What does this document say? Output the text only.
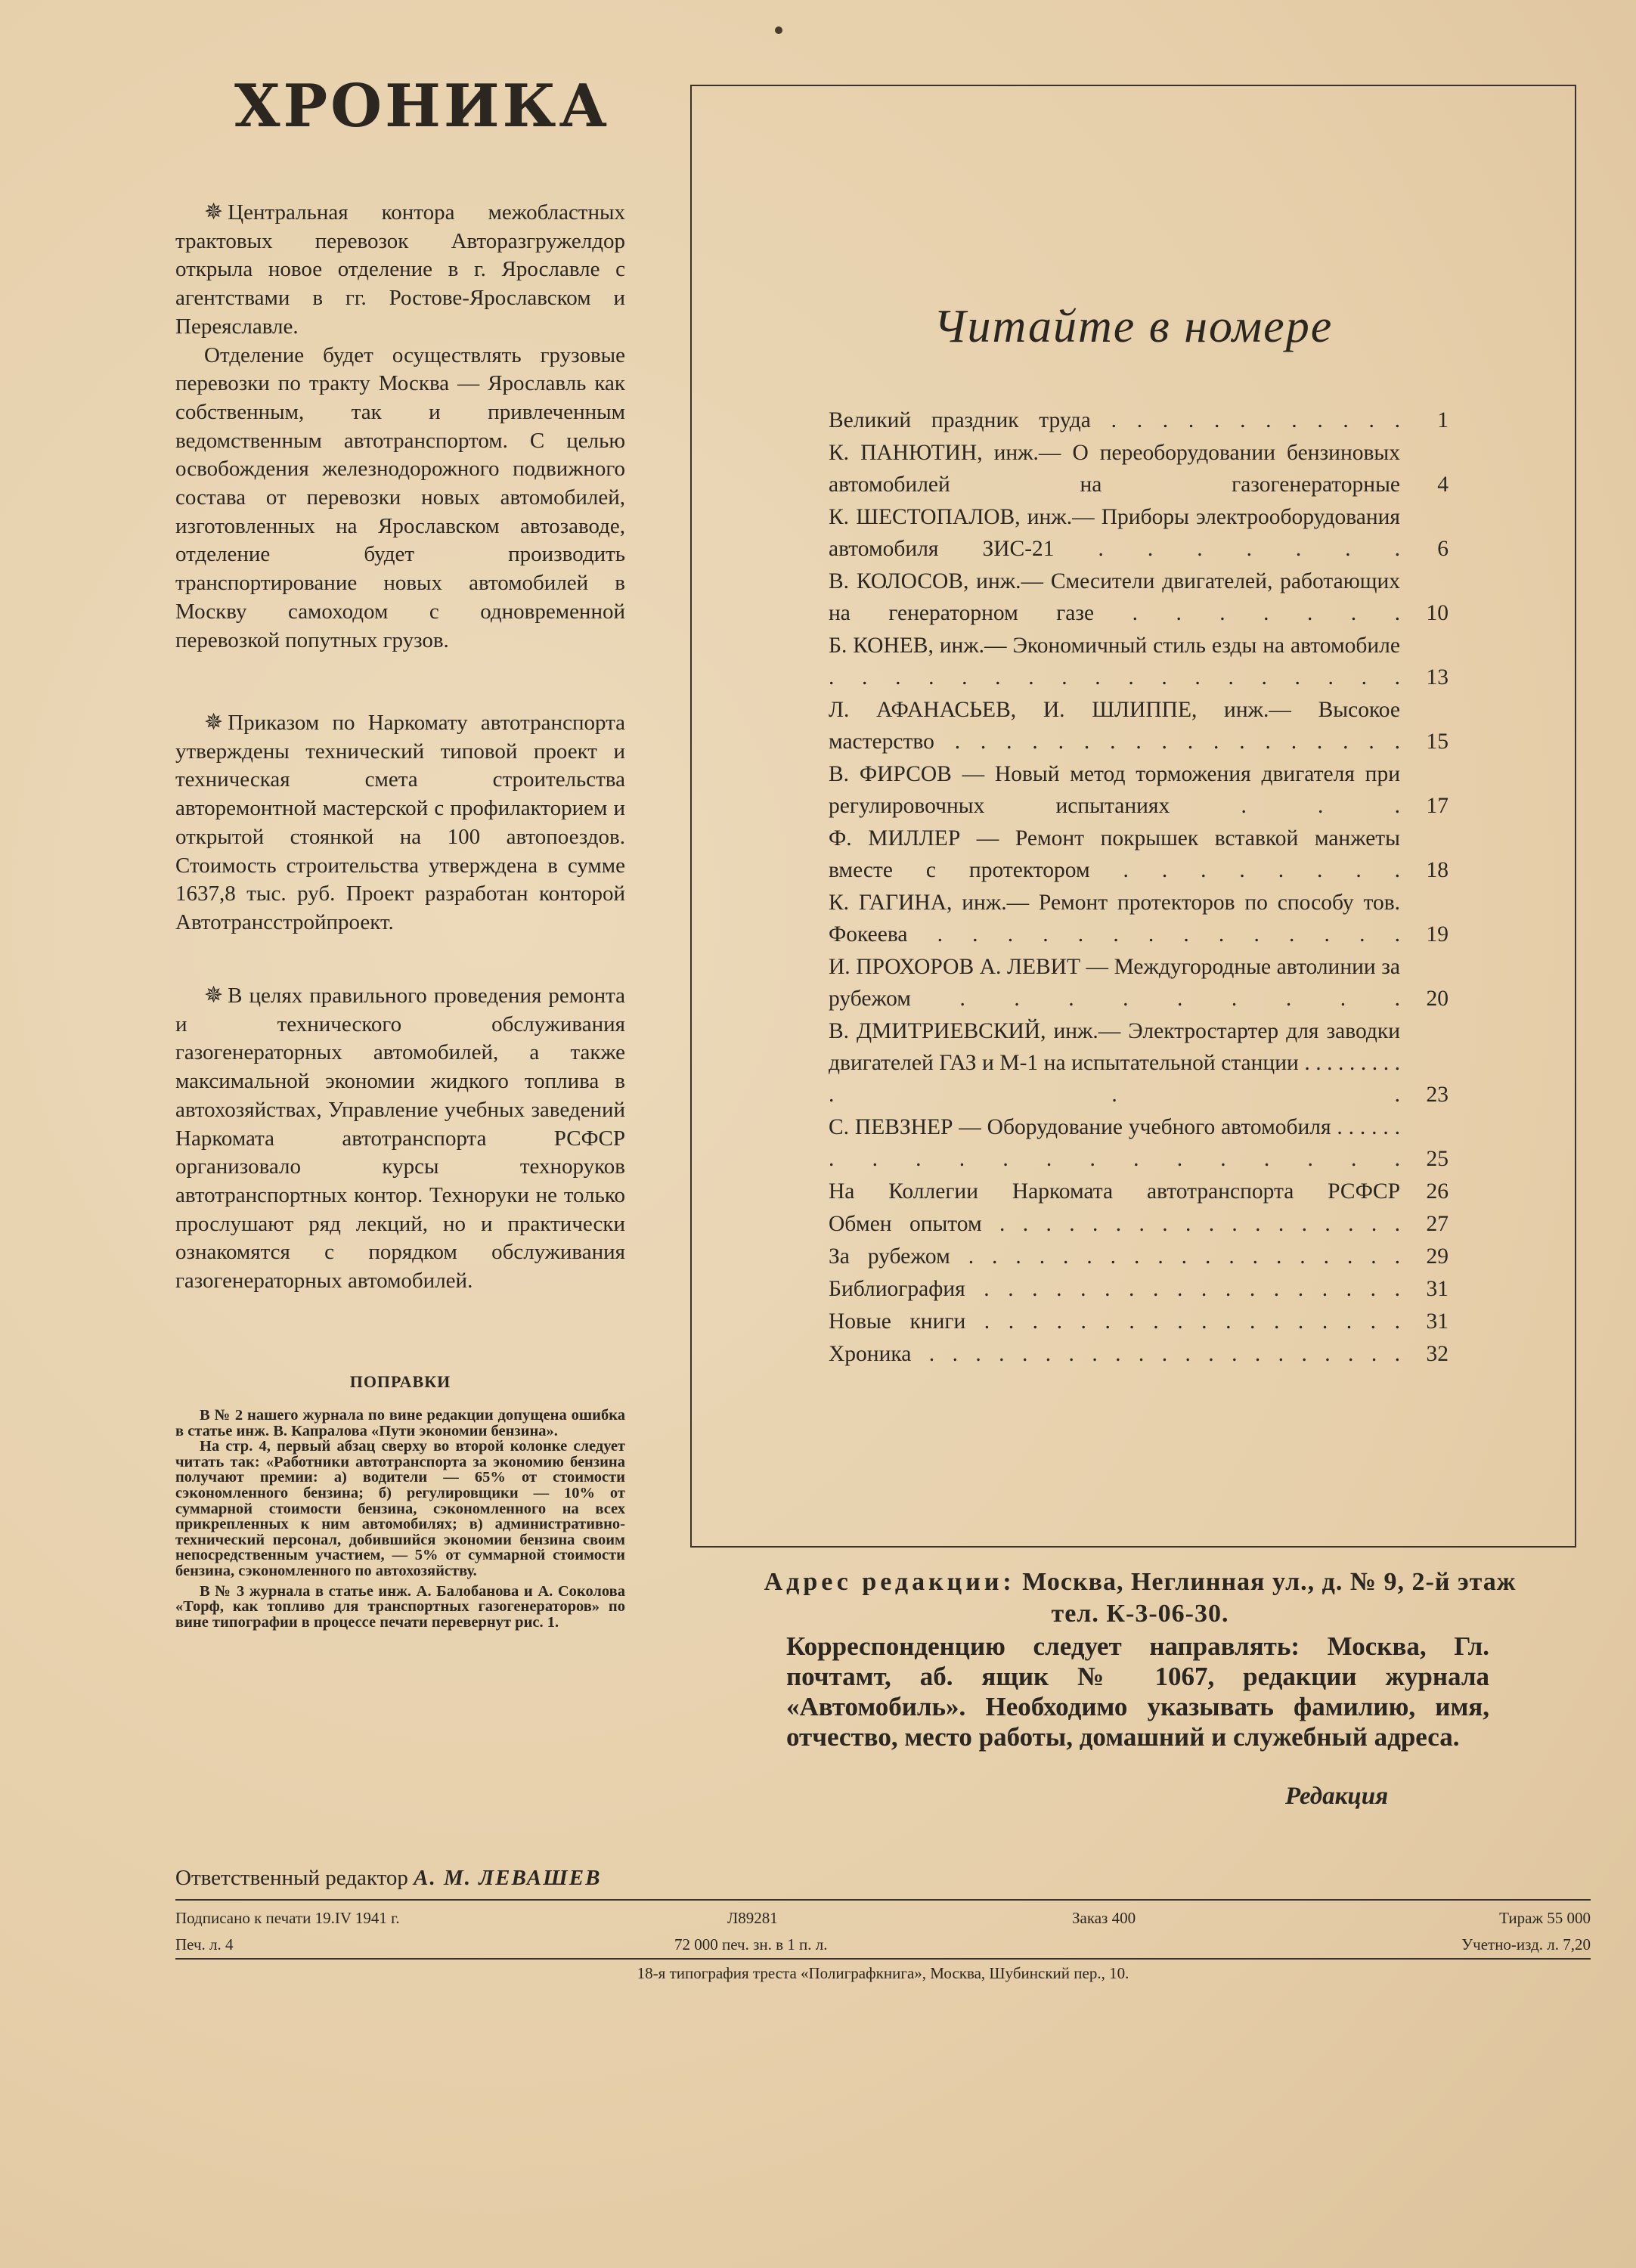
ХРОНИКА

✵ Центральная контора межобластных трактовых перевозок Авторазгружелдор открыла новое отделение в г. Ярославле с агентствами в гг. Ростове-Ярославском и Переяславле.

Отделение будет осуществлять грузовые перевозки по тракту Москва — Ярославль как собственным, так и привлеченным ведомственным автотранспортом. С целью освобождения железнодорожного подвижного состава от перевозки новых автомобилей, изготовленных на Ярославском автозаводе, отделение будет производить транспортирование новых автомобилей в Москву самоходом с одновременной перевозкой попутных грузов.

✵ Приказом по Наркомату автотранспорта утверждены технический типовой проект и техническая смета строительства авторемонтной мастерской с профилакторием и открытой стоянкой на 100 автопоездов. Стоимость строительства утверждена в сумме 1637,8 тыс. руб. Проект разработан конторой Автотрансстройпроект.

✵ В целях правильного проведения ремонта и технического обслуживания газогенераторных автомобилей, а также максимальной экономии жидкого топлива в автохозяйствах, Управление учебных заведений Наркомата автотранспорта РСФСР организовало курсы техноруков автотранспортных контор. Техноруки не только прослушают ряд лекций, но и практически ознакомятся с порядком обслуживания газогенераторных автомобилей.

ПОПРАВКИ

В № 2 нашего журнала по вине редакции допущена ошибка в статье инж. В. Капралова «Пути экономии бензина».

На стр. 4, первый абзац сверху во второй колонке следует читать так: «Работники автотранспорта за экономию бензина получают премии: а) водители — 65% от стоимости сэкономленного бензина; б) регулировщики — 10% от суммарной стоимости бензина, сэкономленного на всех прикрепленных к ним автомобилях; в) административно-технический персонал, добившийся экономии бензина своим непосредственным участием, — 5% от суммарной стоимости бензина, сэкономленного по автохозяйству.

В № 3 журнала в статье инж. А. Балобанова и А. Соколова «Торф, как топливо для транспортных газогенераторов» по вине типографии в процессе печати перевернут рис. 1.

Читайте в номере
Великий праздник труда . . . . . . . . . . . .	1
К. ПАНЮТИН, инж.— О переоборудовании бензиновых автомобилей на газогенераторные	4
К. ШЕСТОПАЛОВ, инж.— Приборы электрооборудования автомобиля ЗИС-21 . . . . . . .	6
В. КОЛОСОВ, инж.— Смесители двигателей, работающих на генераторном газе . . . . . . .	10
Б. КОНЕВ, инж.— Экономичный стиль езды на автомобиле . . . . . . . . . . . . . . . . . .	13
Л. АФАНАСЬЕВ, И. ШЛИППЕ, инж.— Высокое мастерство . . . . . . . . . . . . . . . . . .	15
В. ФИРСОВ — Новый метод торможения двигателя при регулировочных испытаниях . . .	17
Ф. МИЛЛЕР — Ремонт покрышек вставкой манжеты вместе с протектором . . . . . . . .	18
К. ГАГИНА, инж.— Ремонт протекторов по способу тов. Фокеева . . . . . . . . . . . . . .	19
И. ПРОХОРОВ А. ЛЕВИТ — Междугородные автолинии за рубежом . . . . . . . . .	20
В. ДМИТРИЕВСКИЙ, инж.— Электростартер для заводки двигателей ГАЗ и М-1 на испытательной станции . . . . . . . . . . . .	23
С. ПЕВЗНЕР — Оборудование учебного автомобиля . . . . . . . . . . . . . . . . . . . .	25
На Коллегии Наркомата автотранспорта РСФСР	26
Обмен опытом . . . . . . . . . . . . . . . . . .	27
За рубежом . . . . . . . . . . . . . . . . . . .	29
Библиография . . . . . . . . . . . . . . . . . .	31
Новые книги . . . . . . . . . . . . . . . . . .	31
Хроника . . . . . . . . . . . . . . . . . . . . .	32
Адрес редакции: Москва, Неглинная ул., д. № 9, 2-й этаж
тел. К-3-06-30.
Корреспонденцию следует направлять: Москва, Гл. почтамт, аб. ящик № 1067, редакции журнала «Автомобиль». Необходимо указывать фамилию, имя, отчество, место работы, домашний и служебный адреса.
Редакция
Ответственный редактор А. М. ЛЕВАШЕВ
Подписано к печати 19.IV 1941 г.	Л89281	Заказ 400	Тираж 55 000
Печ. л. 4	72 000 печ. зн. в 1 п. л.	Учетно-изд. л. 7,20
18-я типография треста «Полиграфкнига», Москва, Шубинский пер., 10.
